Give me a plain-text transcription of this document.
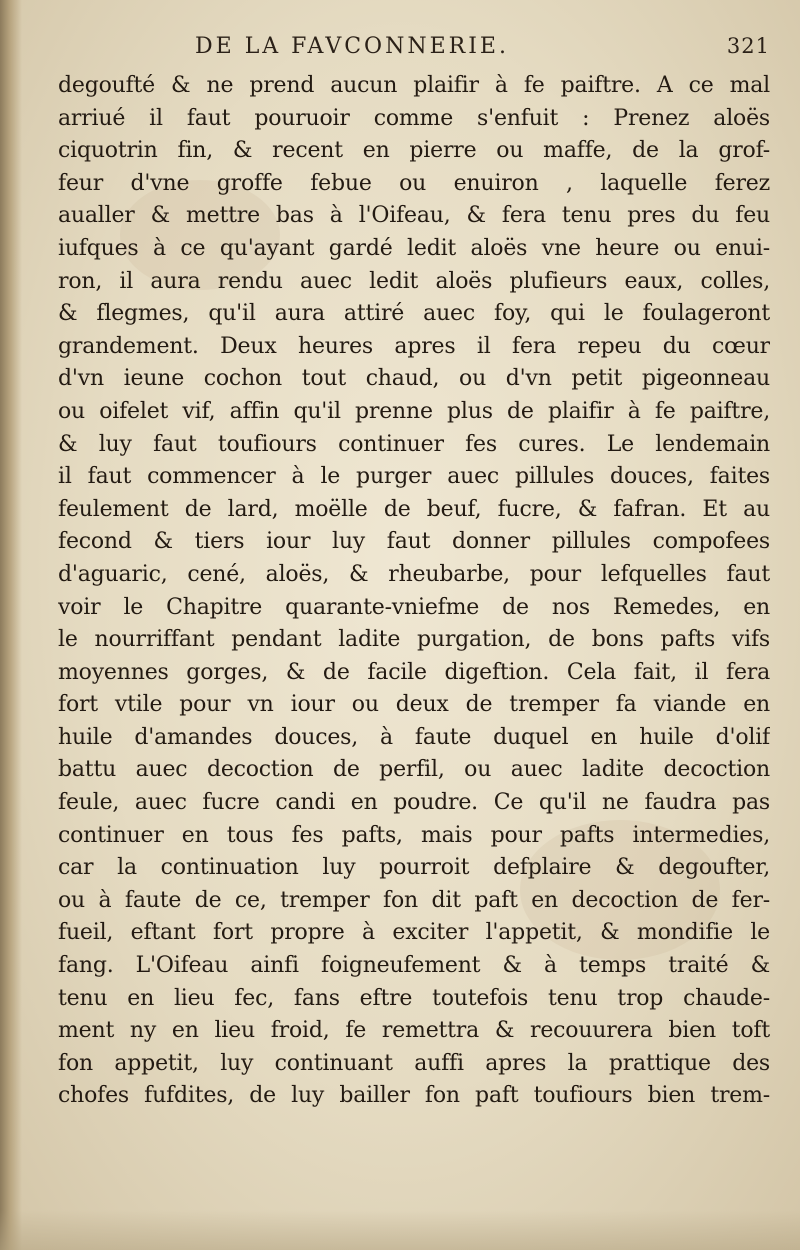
DE LA FAVCONNERIE.	321
degoufté & ne prend aucun plaifir à fe paiftre. A ce mal
arriué il faut pouruoir comme s'enfuit : Prenez aloës
ciquotrin fin, & recent en pierre ou maffe, de la grof-
feur d'vne groffe febue ou enuiron , laquelle ferez
aualler & mettre bas à l'Oifeau, & fera tenu pres du feu
iufques à ce qu'ayant gardé ledit aloës vne heure ou enui-
ron, il aura rendu auec ledit aloës plufieurs eaux, colles,
& flegmes, qu'il aura attiré auec foy, qui le foulageront
grandement. Deux heures apres il fera repeu du cœur
d'vn ieune cochon tout chaud, ou d'vn petit pigeonneau
ou oifelet vif, affin qu'il prenne plus de plaifir à fe paiftre,
& luy faut toufiours continuer fes cures. Le lendemain
il faut commencer à le purger auec pillules douces, faites
feulement de lard, moëlle de beuf, fucre, & fafran. Et au
fecond & tiers iour luy faut donner pillules compofees
d'aguaric, cené, aloës, & rheubarbe, pour lefquelles faut
voir le Chapitre quarante-vniefme de nos Remedes, en
le nourriffant pendant ladite purgation, de bons pafts vifs
moyennes gorges, & de facile digeftion. Cela fait, il fera
fort vtile pour vn iour ou deux de tremper fa viande en
huile d'amandes douces, à faute duquel en huile d'olif
battu auec decoction de perfil, ou auec ladite decoction
feule, auec fucre candi en poudre. Ce qu'il ne faudra pas
continuer en tous fes pafts, mais pour pafts intermedies,
car la continuation luy pourroit defplaire & degoufter,
ou à faute de ce, tremper fon dit paft en decoction de fer-
fueil, eftant fort propre à exciter l'appetit, & mondifie le
fang. L'Oifeau ainfi foigneufement & à temps traité &
tenu en lieu fec, fans eftre toutefois tenu trop chaude-
ment ny en lieu froid, fe remettra & recouurera bien toft
fon appetit, luy continuant auffi apres la prattique des
chofes fufdites, de luy bailler fon paft toufiours bien trem-
